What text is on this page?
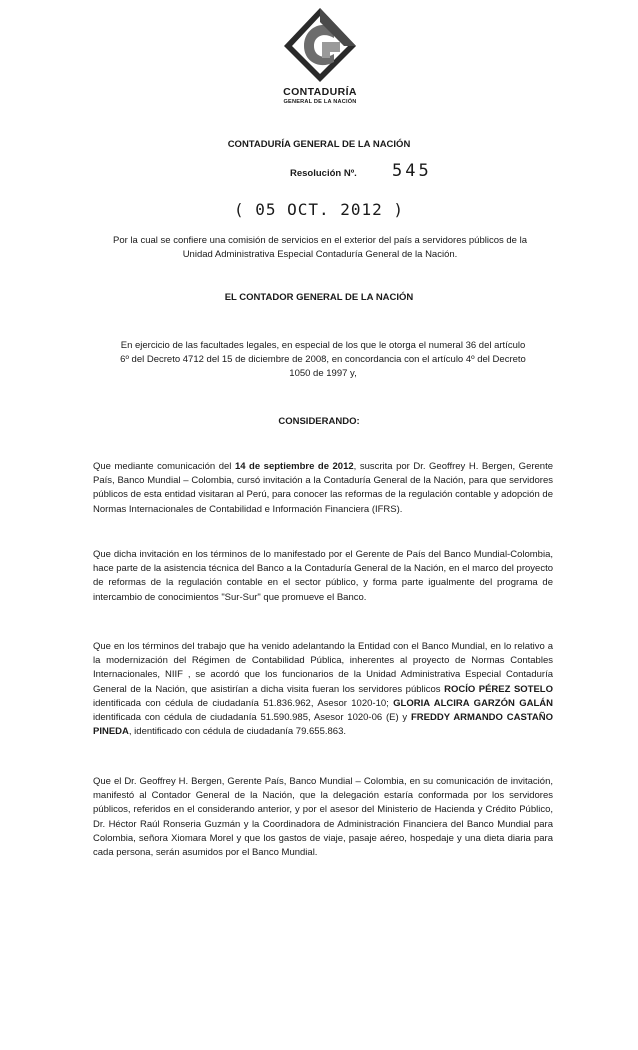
CONTADURÍA
GENERAL DE LA NACIÓN
CONTADURÍA GENERAL DE LA NACIÓN
Resolución Nº. 545
( 05 OCT. 2012 )
Por la cual se confiere una comisión de servicios en el exterior del país a servidores públicos de la Unidad Administrativa Especial Contaduría General de la Nación.
EL CONTADOR GENERAL DE LA NACIÓN
En ejercicio de las facultades legales, en especial de los que le otorga el numeral 36 del artículo 6º del Decreto 4712 del 15 de diciembre de 2008, en concordancia con el artículo 4º del Decreto 1050 de 1997 y,
CONSIDERANDO:
Que mediante comunicación del 14 de septiembre de 2012, suscrita por Dr. Geoffrey H. Bergen, Gerente País, Banco Mundial – Colombia, cursó invitación a la Contaduría General de la Nación, para que servidores públicos de esta entidad visitaran al Perú, para conocer las reformas de la regulación contable y adopción de Normas Internacionales de Contabilidad e Información Financiera (IFRS).
Que dicha invitación en los términos de lo manifestado por el Gerente de País del Banco Mundial-Colombia, hace parte de la asistencia técnica del Banco a la Contaduría General de la Nación, en el marco del proyecto de reformas de la regulación contable en el sector público, y forma parte igualmente del programa de intercambio de conocimientos "Sur-Sur" que promueve el Banco.
Que en los términos del trabajo que ha venido adelantando la Entidad con el Banco Mundial, en lo relativo a la modernización del Régimen de Contabilidad Pública, inherentes al proyecto de Normas Contables Internacionales, NIIF , se acordó que los funcionarios de la Unidad Administrativa Especial Contaduría General de la Nación, que asistirían a dicha visita fueran los servidores públicos ROCÍO PÉREZ SOTELO identificada con cédula de ciudadanía 51.836.962, Asesor 1020-10; GLORIA ALCIRA GARZÓN GALÁN identificada con cédula de ciudadanía 51.590.985, Asesor 1020-06 (E) y FREDDY ARMANDO CASTAÑO PINEDA, identificado con cédula de ciudadanía 79.655.863.
Que el Dr. Geoffrey H. Bergen, Gerente País, Banco Mundial – Colombia, en su comunicación de invitación, manifestó al Contador General de la Nación, que la delegación estaría conformada por los servidores públicos, referidos en el considerando anterior, y por el asesor del Ministerio de Hacienda y Crédito Público, Dr. Héctor Raúl Ronseria Guzmán y la Coordinadora de Administración Financiera del Banco Mundial para Colombia, señora Xiomara Morel y que los gastos de viaje, pasaje aéreo, hospedaje y una dieta diaria para cada persona, serán asumidos por el Banco Mundial.
